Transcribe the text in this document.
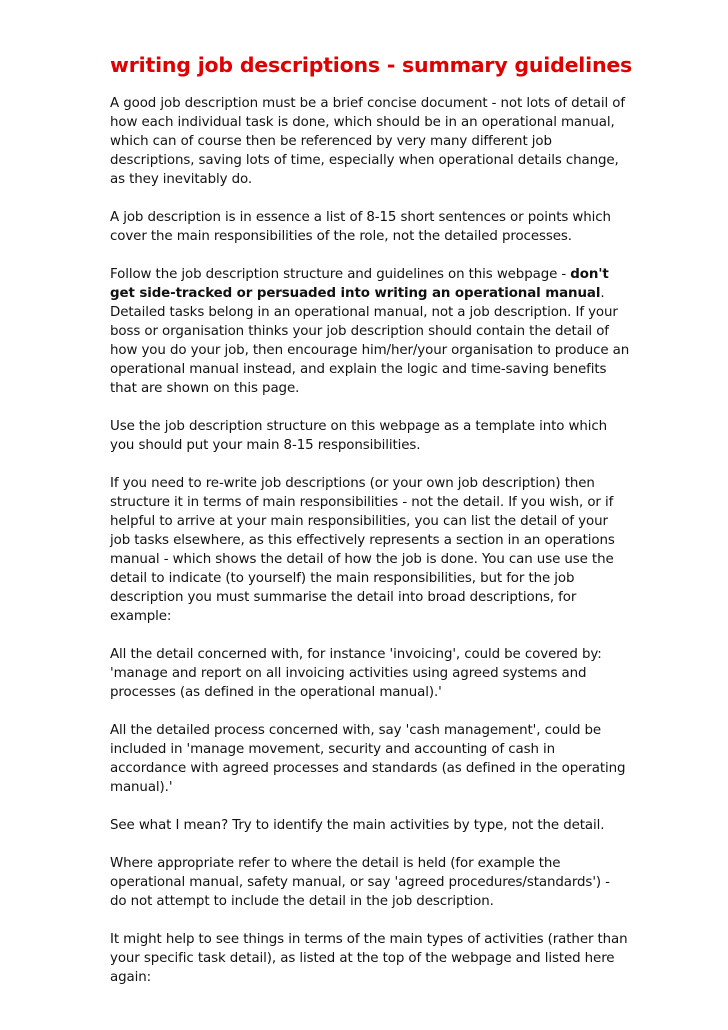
writing job descriptions - summary guidelines

A good job description must be a brief concise document - not lots of detail of how each individual task is done, which should be in an operational manual, which can of course then be referenced by very many different job descriptions, saving lots of time, especially when operational details change, as they inevitably do.

A job description is in essence a list of 8-15 short sentences or points which cover the main responsibilities of the role, not the detailed processes.

Follow the job description structure and guidelines on this webpage - don't get side-tracked or persuaded into writing an operational manual. Detailed tasks belong in an operational manual, not a job description. If your boss or organisation thinks your job description should contain the detail of how you do your job, then encourage him/her/your organisation to produce an operational manual instead, and explain the logic and time-saving benefits that are shown on this page.

Use the job description structure on this webpage as a template into which you should put your main 8-15 responsibilities.

If you need to re-write job descriptions (or your own job description) then structure it in terms of main responsibilities - not the detail. If you wish, or if helpful to arrive at your main responsibilities, you can list the detail of your job tasks elsewhere, as this effectively represents a section in an operations manual - which shows the detail of how the job is done. You can use use the detail to indicate (to yourself) the main responsibilities, but for the job description you must summarise the detail into broad descriptions, for example:

All the detail concerned with, for instance 'invoicing', could be covered by: 'manage and report on all invoicing activities using agreed systems and processes (as defined in the operational manual).'

All the detailed process concerned with, say 'cash management', could be included in 'manage movement, security and accounting of cash in accordance with agreed processes and standards (as defined in the operating manual).'

See what I mean? Try to identify the main activities by type, not the detail.

Where appropriate refer to where the detail is held (for example the operational manual, safety manual, or say 'agreed procedures/standards') - do not attempt to include the detail in the job description.

It might help to see things in terms of the main types of activities (rather than your specific task detail), as listed at the top of the webpage and listed here again:
